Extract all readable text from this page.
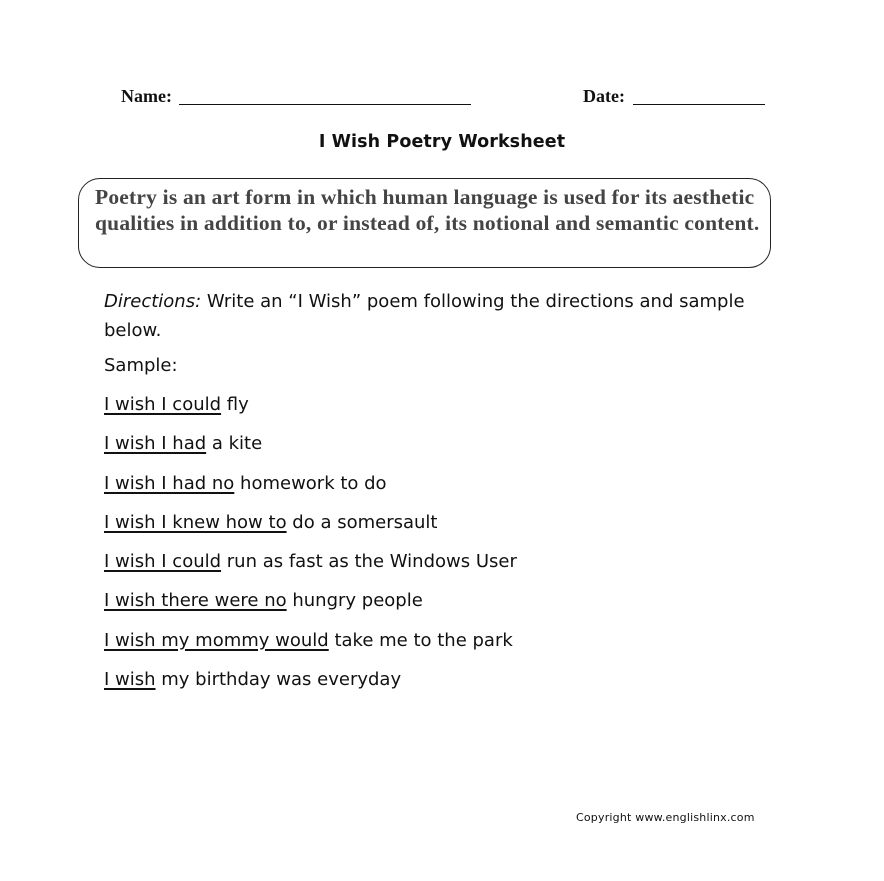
Name:	Date:
I Wish Poetry Worksheet
Poetry is an art form in which human language is used for its aesthetic qualities in addition to, or instead of, its notional and semantic content.
Directions: Write an “I Wish” poem following the directions and sample below.
Sample:
I wish I could fly
I wish I had a kite
I wish I had no homework to do
I wish I knew how to do a somersault
I wish I could run as fast as the Windows User
I wish there were no hungry people
I wish my mommy would take me to the park
I wish my birthday was everyday
Copyright www.englishlinx.com
